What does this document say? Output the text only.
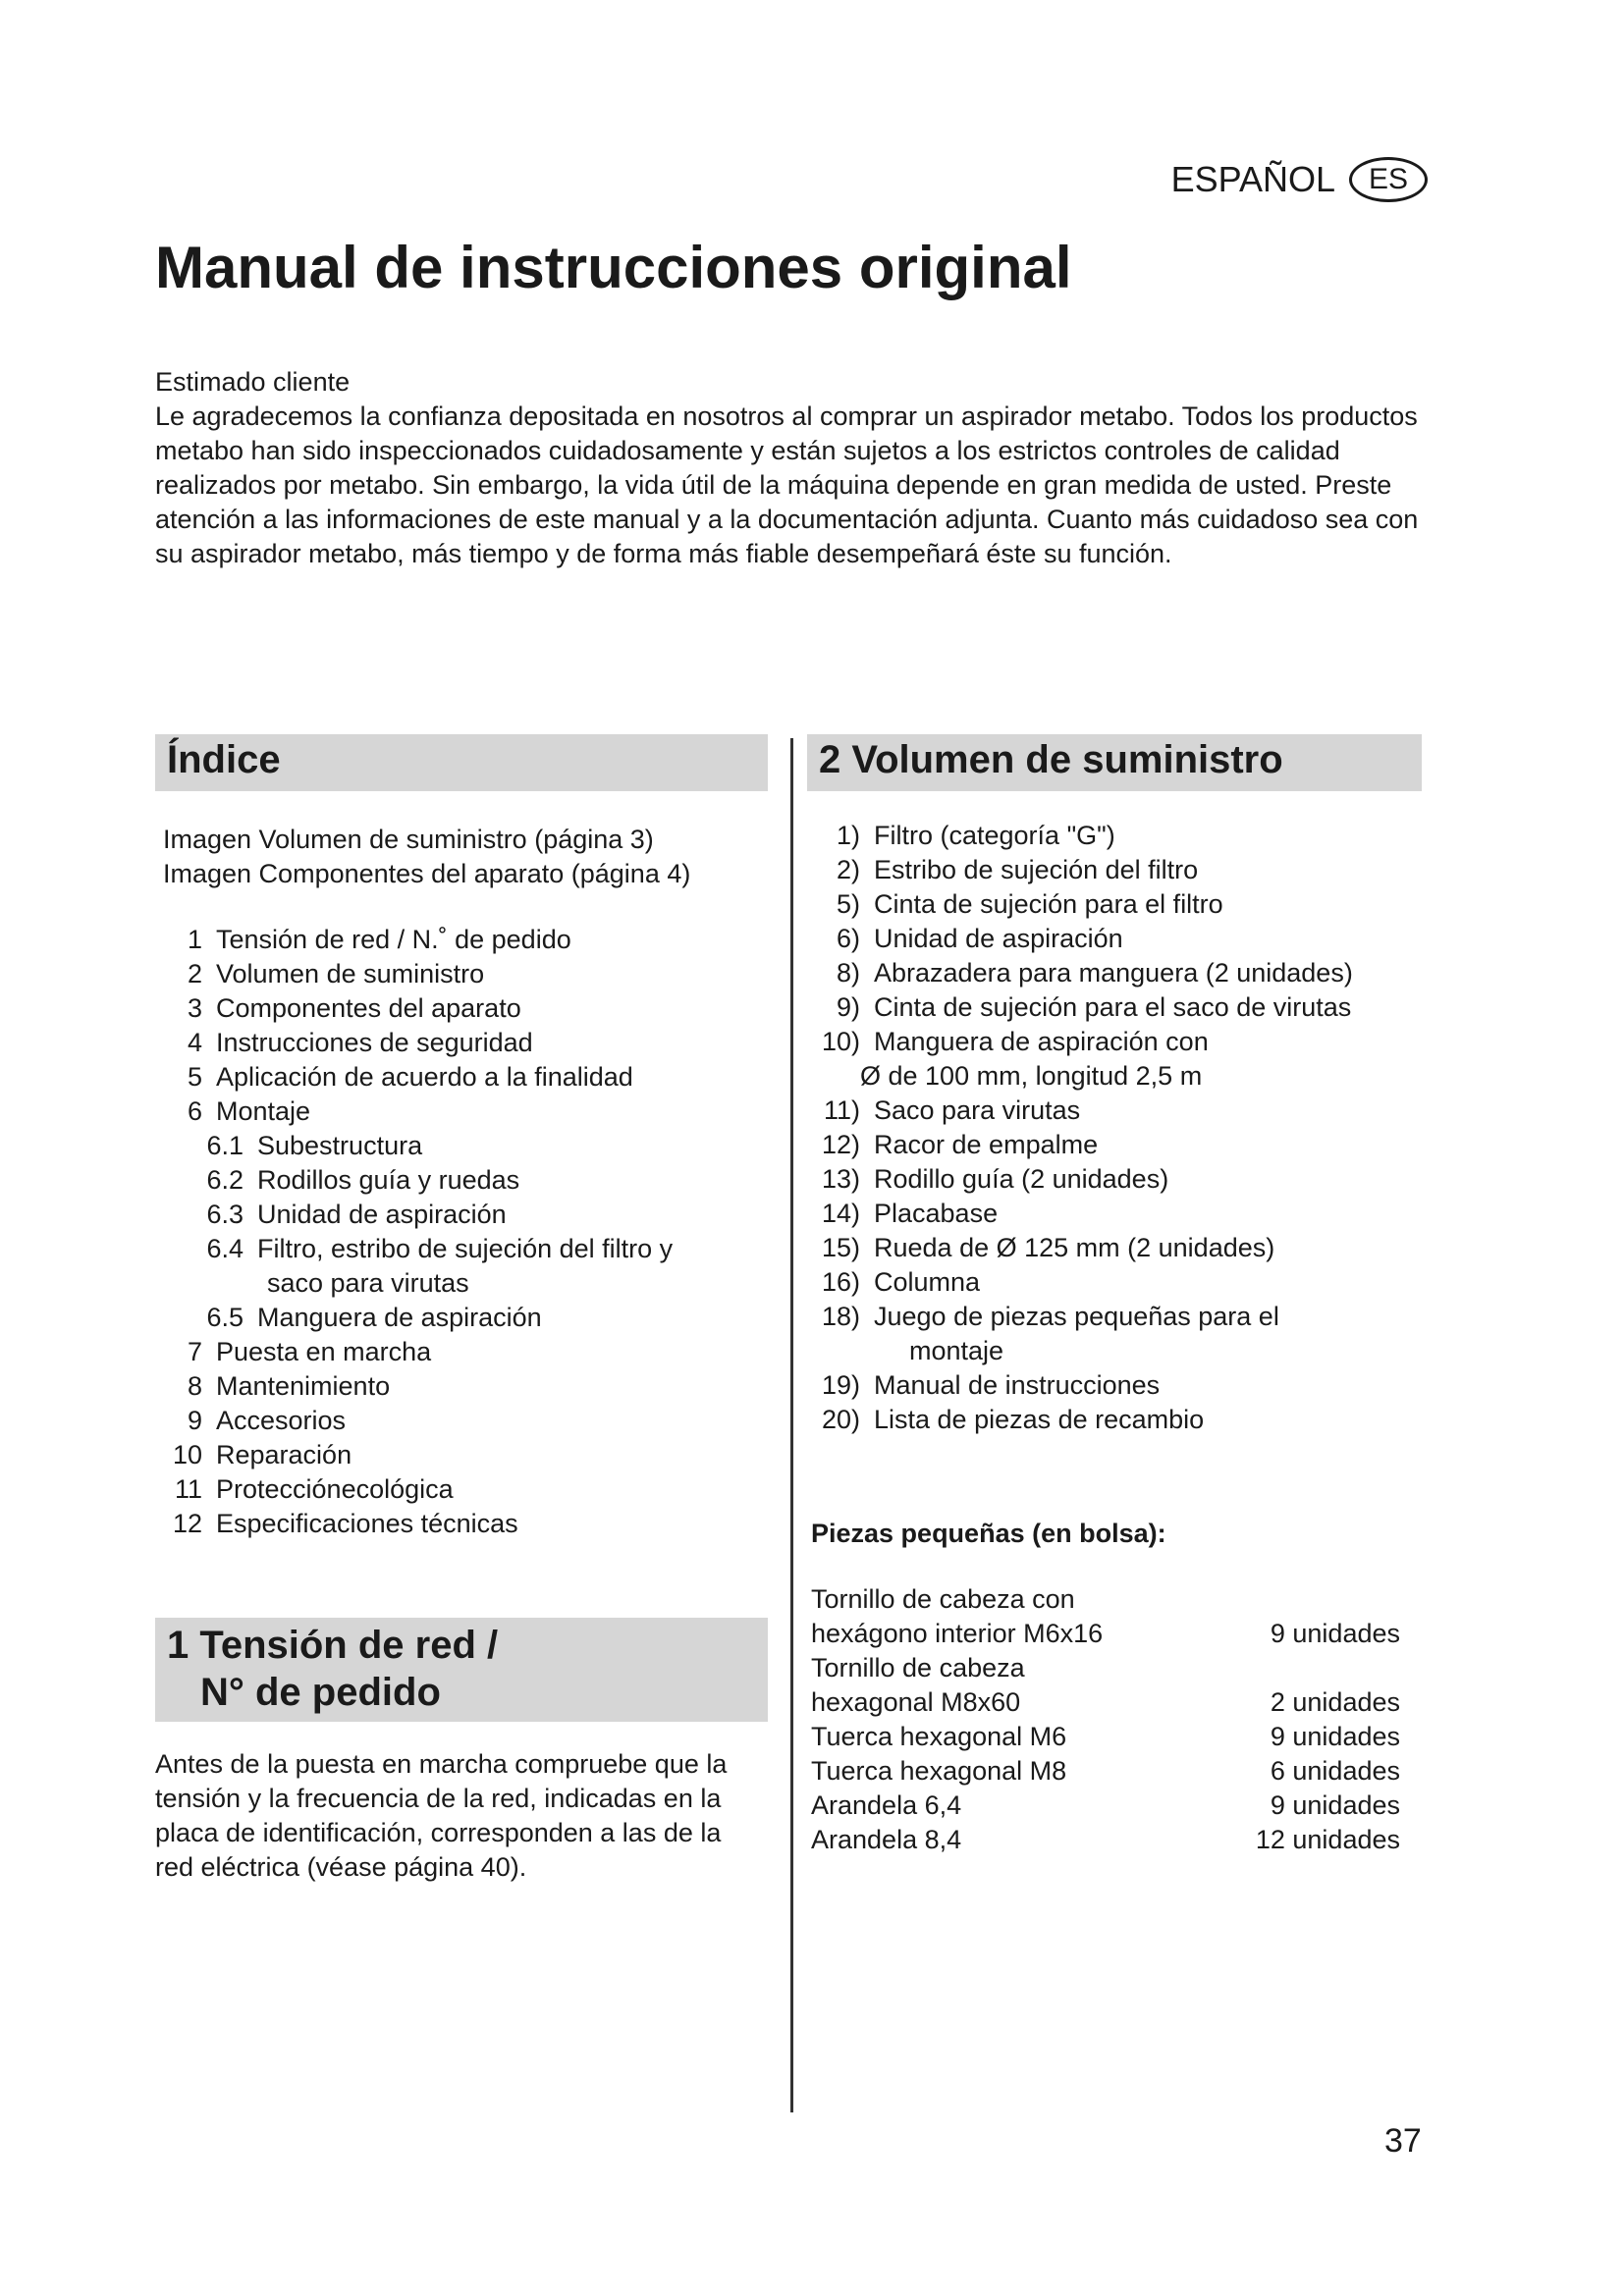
ESPAÑOL	ES
Manual de instrucciones original

Estimado cliente

Le agradecemos la confianza depositada en nosotros al comprar un aspirador metabo. Todos los productos metabo han sido inspeccionados cuidadosamente y están sujetos a los estrictos controles de calidad realizados por metabo. Sin embargo, la vida útil de la máquina depende en gran medida de usted. Preste atención a las informaciones de este manual y a la documentación adjunta. Cuanto más cuidadoso sea con su aspirador metabo, más tiempo y de forma más fiable desempeñará éste su función.

Índice
Imagen Volumen de suministro (página 3)
Imagen Componentes del aparato (página 4)
1 Tensión de red / N.˚ de pedido
2 Volumen de suministro
3 Componentes del aparato
4 Instrucciones de seguridad
5 Aplicación de acuerdo a la finalidad
6 Montaje
6.1 Subestructura
6.2 Rodillos guía y ruedas
6.3 Unidad de aspiración
6.4 Filtro, estribo de sujeción del filtro y
saco para virutas
6.5 Manguera de aspiración
7 Puesta en marcha
8 Mantenimiento
9 Accesorios
10 Reparación
11 Protecciónecológica
12 Especificaciones técnicas
1 Tensión de red /
N° de pedido
Antes de la puesta en marcha compruebe que la tensión y la frecuencia de la red, indicadas en la placa de identificación, corresponden a las de la red eléctrica (véase página 40).
2 Volumen de suministro
1) Filtro (categoría "G")
2) Estribo de sujeción del filtro
5) Cinta de sujeción para el filtro
6) Unidad de aspiración
8) Abrazadera para manguera (2 unidades)
9) Cinta de sujeción para el saco de virutas
10) Manguera de aspiración con
Ø de 100 mm, longitud 2,5 m
11) Saco para virutas
12) Racor de empalme
13) Rodillo guía (2 unidades)
14) Placabase
15) Rueda de Ø 125 mm (2 unidades)
16) Columna
18) Juego de piezas pequeñas para el
montaje
19) Manual de instrucciones
20) Lista de piezas de recambio
Piezas pequeñas (en bolsa):
Tornillo de cabeza con
hexágono interior M6x16	9 unidades
Tornillo de cabeza
hexagonal M8x60	2 unidades
Tuerca hexagonal M6	9 unidades
Tuerca hexagonal M8	6 unidades
Arandela 6,4	9 unidades
Arandela 8,4	12 unidades
37
